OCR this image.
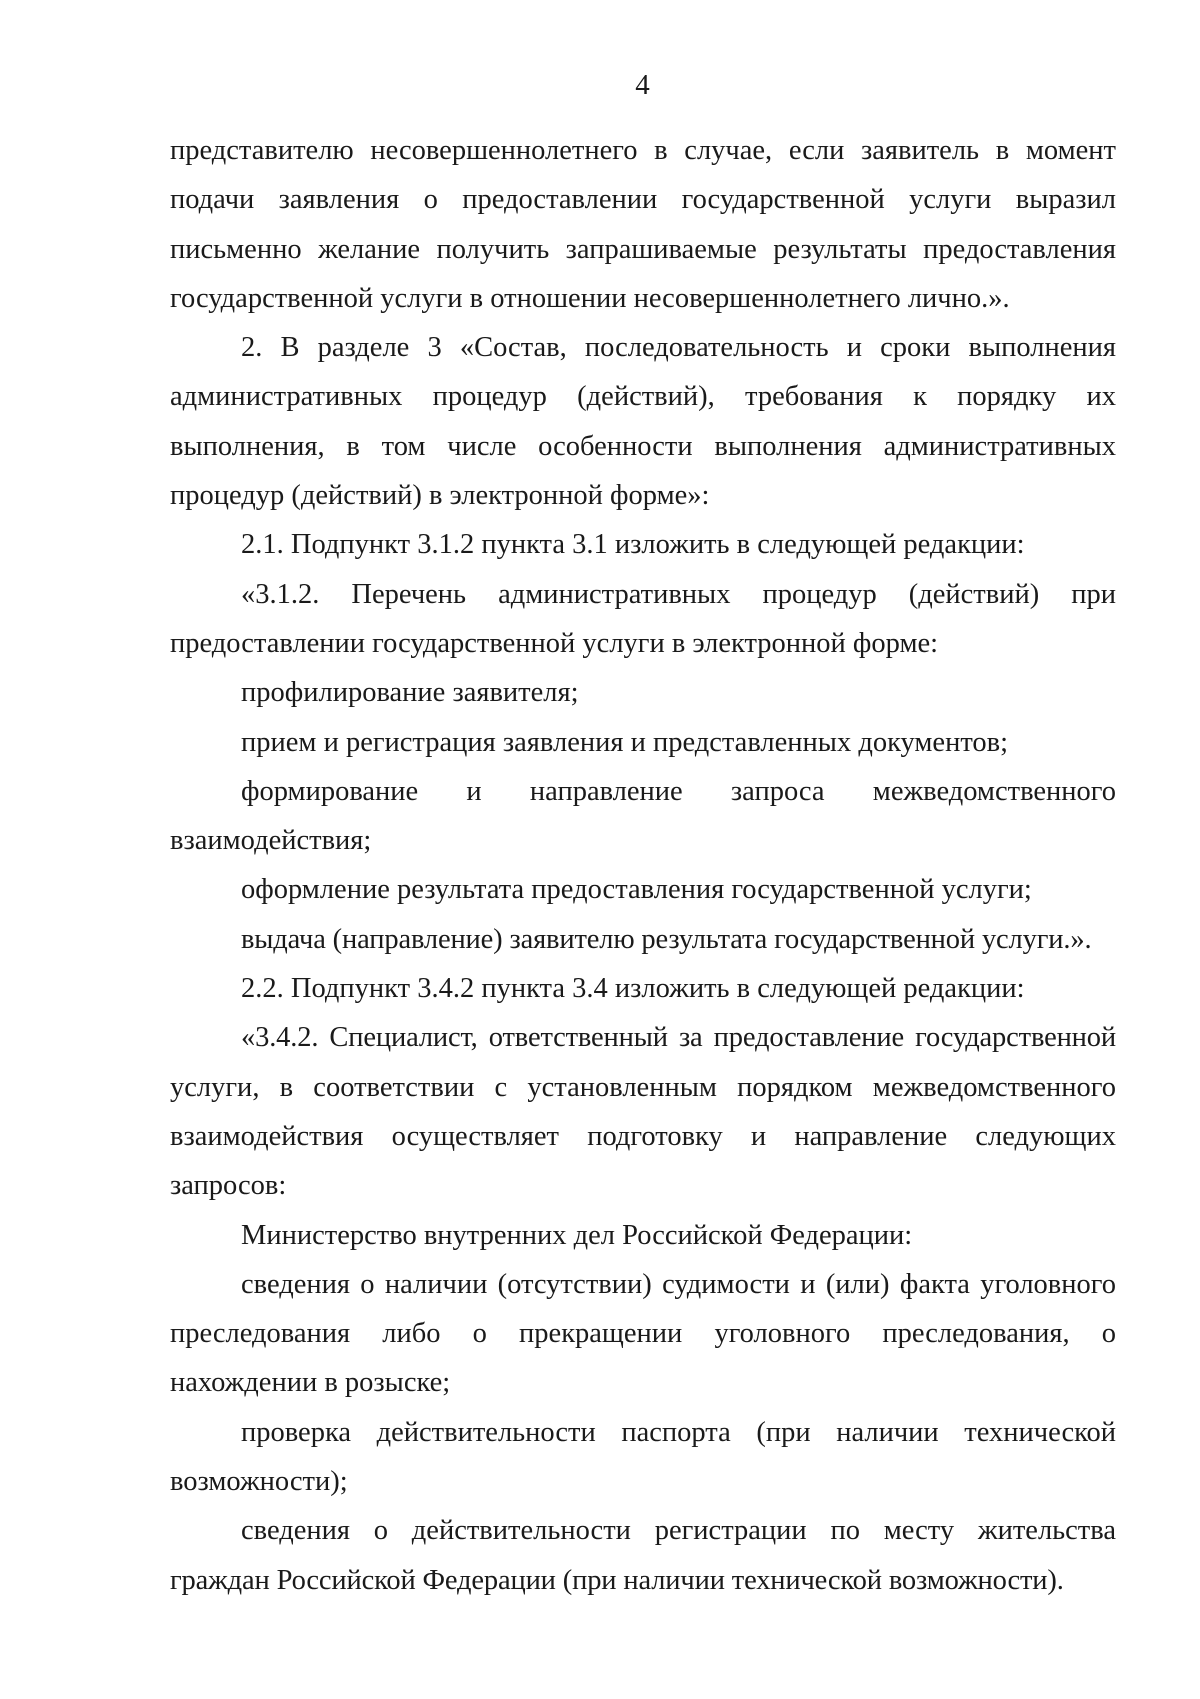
4

представителю несовершеннолетнего в случае, если заявитель в момент

подачи заявления о предоставлении государственной услуги выразил

письменно желание получить запрашиваемые результаты предоставления

государственной услуги в отношении несовершеннолетнего лично.».

2. В разделе 3 «Состав, последовательность и сроки выполнения

административных процедур (действий), требования к порядку их

выполнения, в том числе особенности выполнения административных

процедур (действий) в электронной форме»:

2.1. Подпункт 3.1.2 пункта 3.1 изложить в следующей редакции:

«3.1.2. Перечень административных процедур (действий) при

предоставлении государственной услуги в электронной форме:

профилирование заявителя;

прием и регистрация заявления и представленных документов;

формирование и направление запроса межведомственного

взаимодействия;

оформление результата предоставления государственной услуги;

выдача (направление) заявителю результата государственной услуги.».

2.2. Подпункт 3.4.2 пункта 3.4 изложить в следующей редакции:

«3.4.2. Специалист, ответственный за предоставление государственной

услуги, в соответствии с установленным порядком межведомственного

взаимодействия осуществляет подготовку и направление следующих

запросов:

Министерство внутренних дел Российской Федерации:

сведения о наличии (отсутствии) судимости и (или) факта уголовного

преследования либо о прекращении уголовного преследования, о

нахождении в розыске;

проверка действительности паспорта (при наличии технической

возможности);

сведения о действительности регистрации по месту жительства

граждан Российской Федерации (при наличии технической возможности).
